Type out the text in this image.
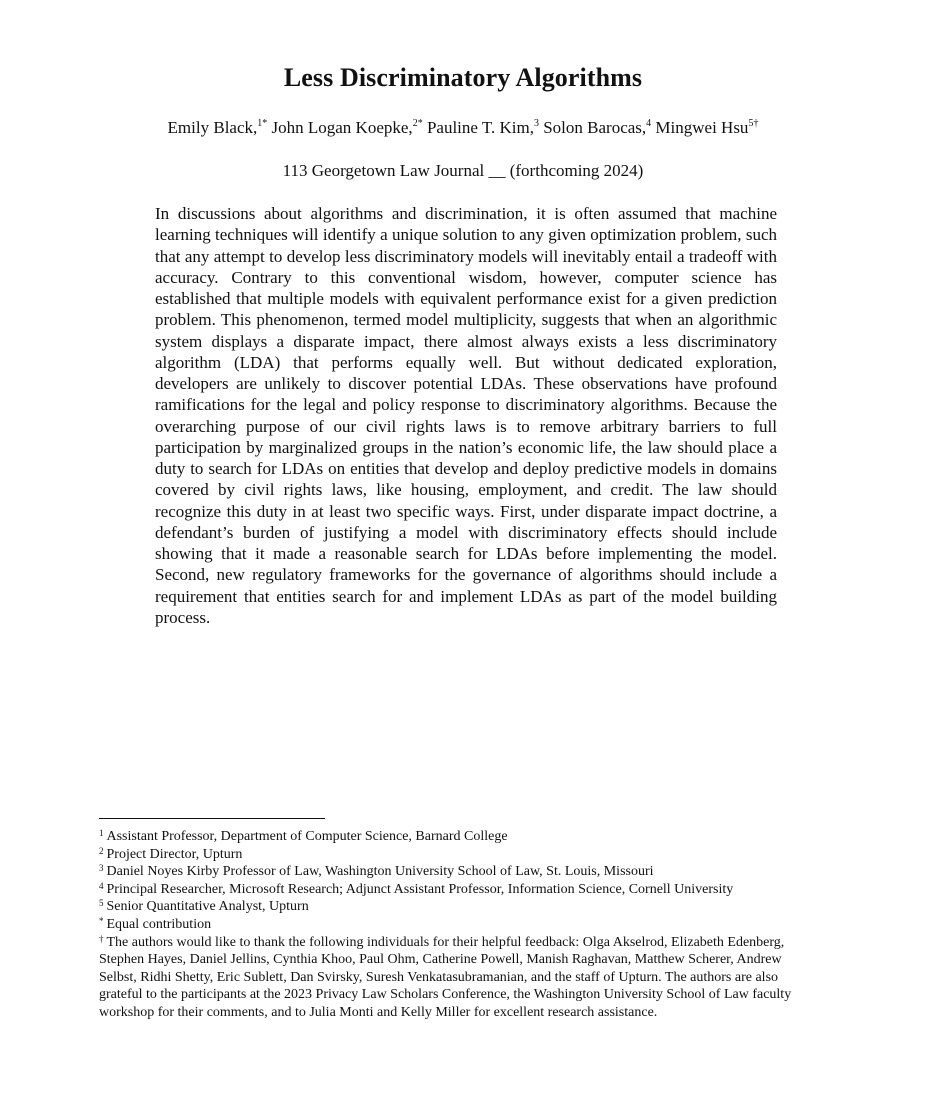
Less Discriminatory Algorithms
Emily Black,$^{1*}$ John Logan Koepke,$^{2*}$ Pauline T. Kim,$^3$ Solon Barocas,$^4$ Mingwei Hsu$^{5\dagger}$
113 Georgetown Law Journal __ (forthcoming 2024)

In discussions about algorithms and discrimination, it is often assumed that machine learning techniques will identify a unique solution to any given optimization problem, such that any attempt to develop less discriminatory models will inevitably entail a tradeoff with accuracy. Contrary to this conventional wisdom, however, computer science has established that multiple models with equivalent performance exist for a given prediction problem. This phenomenon, termed model multiplicity, suggests that when an algorithmic system displays a disparate impact, there almost always exists a less discriminatory algorithm (LDA) that performs equally well. But without dedicated exploration, developers are unlikely to discover potential LDAs. These observations have profound ramifications for the legal and policy response to discriminatory algorithms. Because the overarching purpose of our civil rights laws is to remove arbitrary barriers to full participation by marginalized groups in the nation’s economic life, the law should place a duty to search for LDAs on entities that develop and deploy predictive models in domains covered by civil rights laws, like housing, employment, and credit. The law should recognize this duty in at least two specific ways. First, under disparate impact doctrine, a defendant’s burden of justifying a model with discriminatory effects should include showing that it made a reasonable search for LDAs before implementing the model. Second, new regulatory frameworks for the governance of algorithms should include a requirement that entities search for and implement LDAs as part of the model building process.

$^1$ Assistant Professor, Department of Computer Science, Barnard College
$^2$ Project Director, Upturn
$^3$ Daniel Noyes Kirby Professor of Law, Washington University School of Law, St. Louis, Missouri
$^4$ Principal Researcher, Microsoft Research; Adjunct Assistant Professor, Information Science, Cornell University
$^5$ Senior Quantitative Analyst, Upturn
* Equal contribution
† The authors would like to thank the following individuals for their helpful feedback: Olga Akselrod, Elizabeth Edenberg, Stephen Hayes, Daniel Jellins, Cynthia Khoo, Paul Ohm, Catherine Powell, Manish Raghavan, Matthew Scherer, Andrew Selbst, Ridhi Shetty, Eric Sublett, Dan Svirsky, Suresh Venkatasubramanian, and the staff of Upturn. The authors are also grateful to the participants at the 2023 Privacy Law Scholars Conference, the Washington University School of Law faculty workshop for their comments, and to Julia Monti and Kelly Miller for excellent research assistance.
